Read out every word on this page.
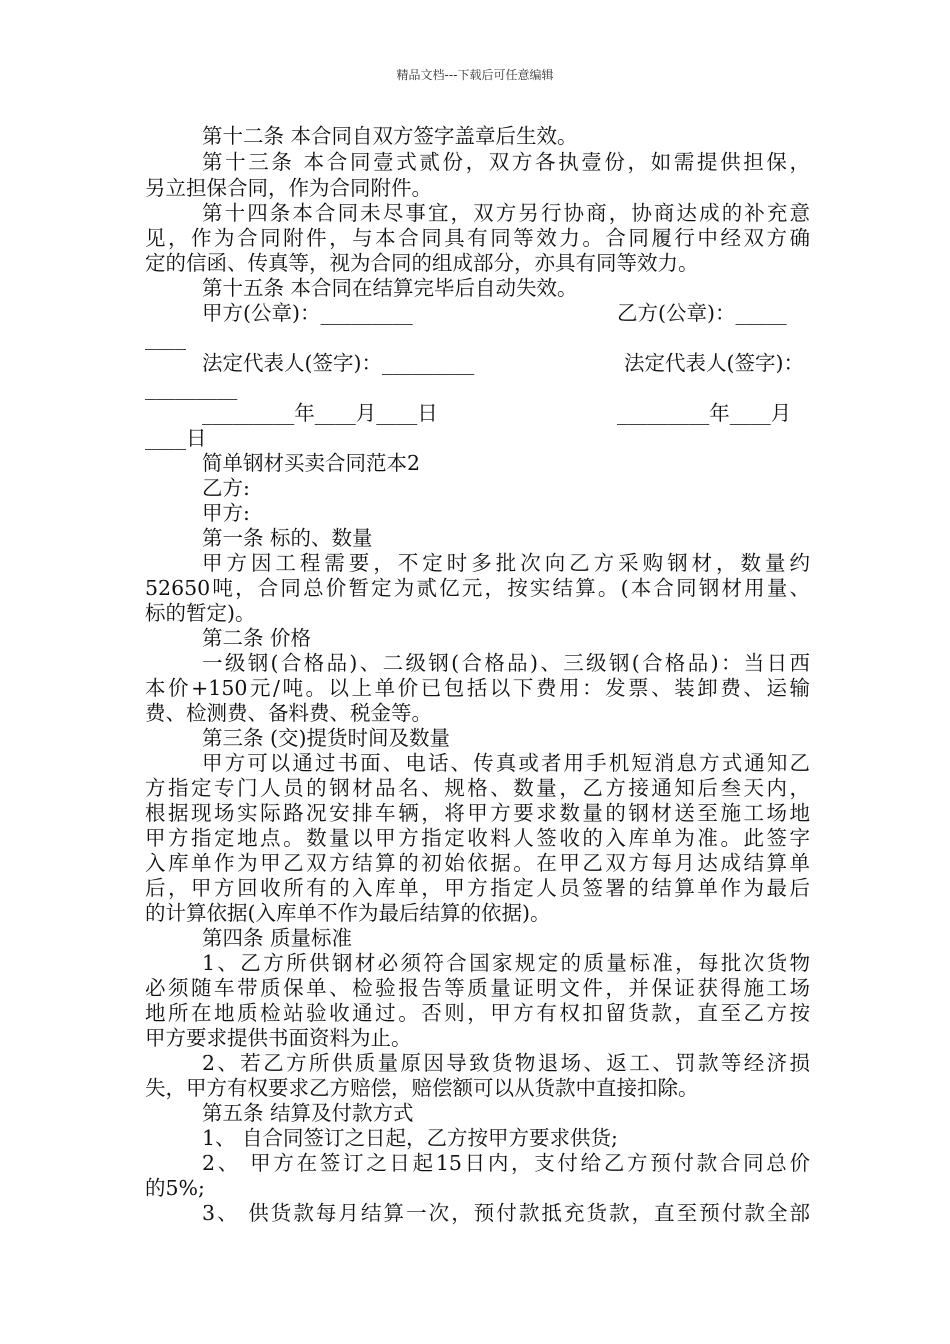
精品文档---下载后可任意编辑
第十二条 本合同自双方签字盖章后生效。
第十三条 本合同壹式贰份，双方各执壹份，如需提供担保，
另立担保合同，作为合同附件。
第十四条本合同未尽事宜，双方另行协商，协商达成的补充意
见，作为合同附件，与本合同具有同等效力。合同履行中经双方确
定的信函、传真等，视为合同的组成部分，亦具有同等效力。
第十五条 本合同在结算完毕后自动失效。
甲方(公章)：_________	乙方(公章)：_____
____
法定代表人(签字)：_________	法定代表人(签字)：
_________
_________年____月____日	_________年____月
____日
简单钢材买卖合同范本2
乙方:
甲方:
第一条 标的、数量
甲方因工程需要，不定时多批次向乙方采购钢材，数量约
52650吨，合同总价暂定为贰亿元，按实结算。(本合同钢材用量、
标的暂定)。
第二条 价格
一级钢(合格品)、二级钢(合格品)、三级钢(合格品)：当日西
本价+150元/吨。以上单价已包括以下费用：发票、装卸费、运输
费、检测费、备料费、税金等。
第三条 (交)提货时间及数量
甲方可以通过书面、电话、传真或者用手机短消息方式通知乙
方指定专门人员的钢材品名、规格、数量，乙方接通知后叁天内，
根据现场实际路况安排车辆，将甲方要求数量的钢材送至施工场地
甲方指定地点。数量以甲方指定收料人签收的入库单为准。此签字
入库单作为甲乙双方结算的初始依据。在甲乙双方每月达成结算单
后，甲方回收所有的入库单，甲方指定人员签署的结算单作为最后
的计算依据(入库单不作为最后结算的依据)。
第四条 质量标准
1、乙方所供钢材必须符合国家规定的质量标准，每批次货物
必须随车带质保单、检验报告等质量证明文件，并保证获得施工场
地所在地质检站验收通过。否则，甲方有权扣留货款，直至乙方按
甲方要求提供书面资料为止。
2、若乙方所供质量原因导致货物退场、返工、罚款等经济损
失，甲方有权要求乙方赔偿，赔偿额可以从货款中直接扣除。
第五条 结算及付款方式
1、 自合同签订之日起，乙方按甲方要求供货;
2、 甲方在签订之日起15日内，支付给乙方预付款合同总价
的5%;
3、 供货款每月结算一次，预付款抵充货款，直至预付款全部
